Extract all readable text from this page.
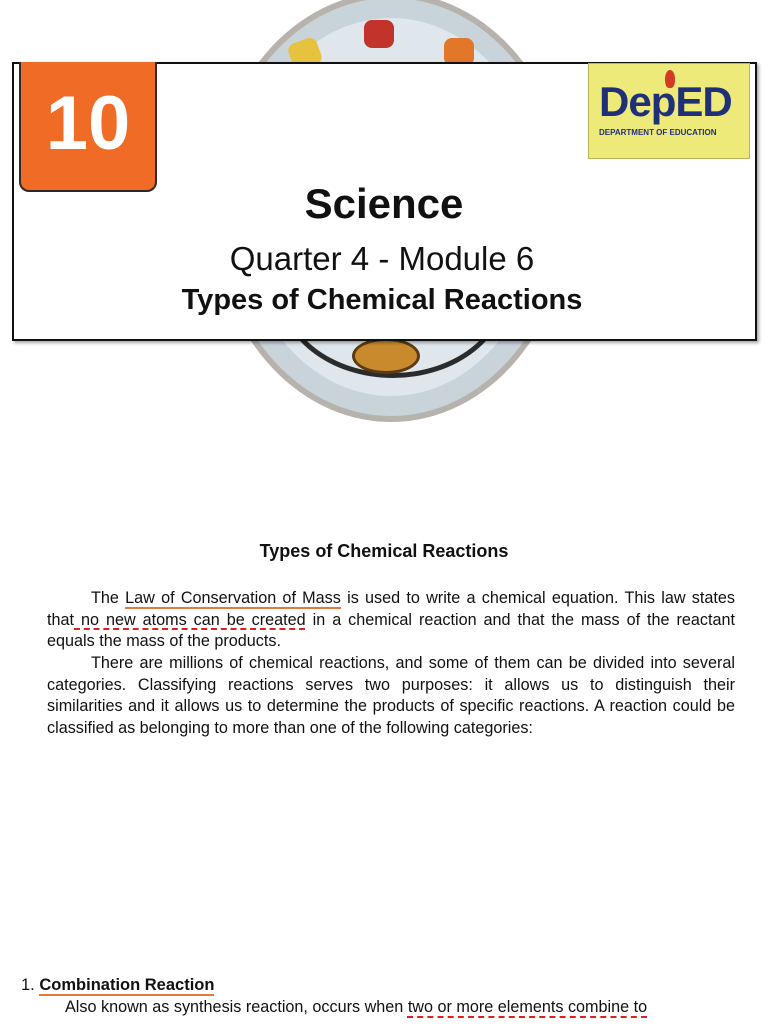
10	DepED
DEPARTMENT OF EDUCATION
Science
Quarter 4 - Module 6
Types of Chemical Reactions
Types of Chemical Reactions

The Law of Conservation of Mass is used to write a chemical equation. This law states that no new atoms can be created in a chemical reaction and that the mass of the reactant equals the mass of the products.

There are millions of chemical reactions, and some of them can be divided into several categories. Classifying reactions serves two purposes: it allows us to distinguish their similarities and it allows us to determine the products of specific reactions. A reaction could be classified as belonging to more than one of the following categories:

1. Combination Reaction

Also known as synthesis reaction, occurs when two or more elements combine to
